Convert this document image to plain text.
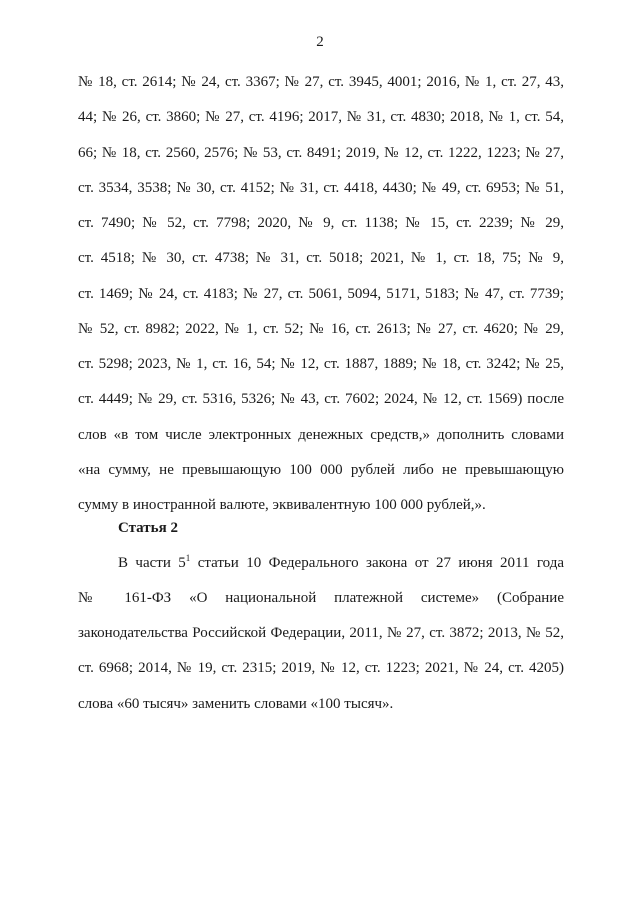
2
№ 18, ст. 2614; № 24, ст. 3367; № 27, ст. 3945, 4001; 2016, № 1, ст. 27, 43,
44; № 26, ст. 3860; № 27, ст. 4196; 2017, № 31, ст. 4830; 2018, № 1, ст. 54,
66; № 18, ст. 2560, 2576; № 53, ст. 8491; 2019, № 12, ст. 1222, 1223; № 27,
ст. 3534, 3538; № 30, ст. 4152; № 31, ст. 4418, 4430; № 49, ст. 6953; № 51,
ст. 7490; № 52, ст. 7798; 2020, № 9, ст. 1138; № 15, ст. 2239; № 29,
ст. 4518; № 30, ст. 4738; № 31, ст. 5018; 2021, № 1, ст. 18, 75; № 9,
ст. 1469; № 24, ст. 4183; № 27, ст. 5061, 5094, 5171, 5183; № 47, ст. 7739;
№ 52, ст. 8982; 2022, № 1, ст. 52; № 16, ст. 2613; № 27, ст. 4620; № 29,
ст. 5298; 2023, № 1, ст. 16, 54; № 12, ст. 1887, 1889; № 18, ст. 3242; № 25,
ст. 4449; № 29, ст. 5316, 5326; № 43, ст. 7602; 2024, № 12, ст. 1569) после
слов «в том числе электронных денежных средств,» дополнить словами
«на сумму, не превышающую 100 000 рублей либо не превышающую
сумму в иностранной валюте, эквивалентную 100 000 рублей,».
Статья 2
В части $5^1$ статьи 10 Федерального закона от 27 июня 2011 года
№ 161-ФЗ «О национальной платежной системе» (Собрание
законодательства Российской Федерации, 2011, № 27, ст. 3872; 2013, № 52,
ст. 6968; 2014, № 19, ст. 2315; 2019, № 12, ст. 1223; 2021, № 24, ст. 4205)
слова «60 тысяч» заменить словами «100 тысяч».
